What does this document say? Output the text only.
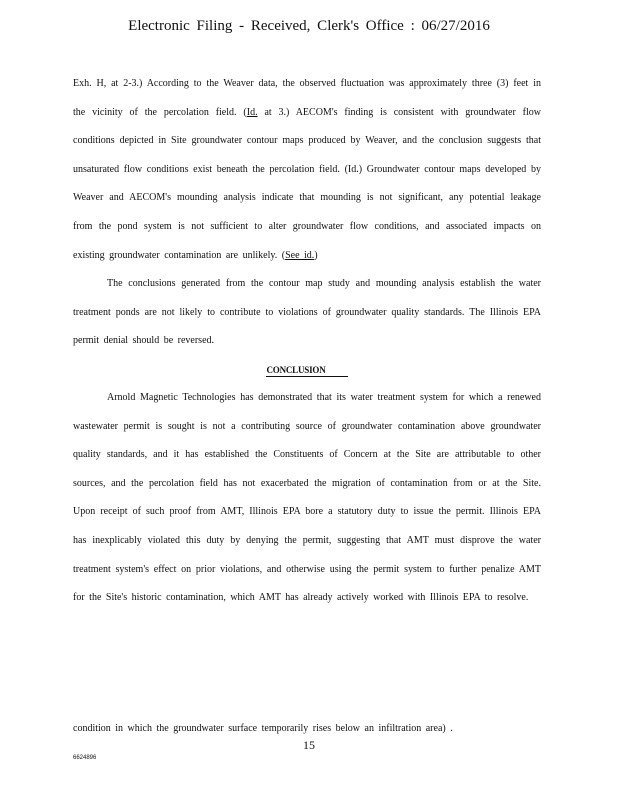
Electronic Filing - Received, Clerk's Office : 06/27/2016

Exh. H, at 2-3.) According to the Weaver data, the observed fluctuation was approximately three (3) feet in the vicinity of the percolation field. (Id. at 3.) AECOM's finding is consistent with groundwater flow conditions depicted in Site groundwater contour maps produced by Weaver, and the conclusion suggests that unsaturated flow conditions exist beneath the percolation field. (Id.) Groundwater contour maps developed by Weaver and AECOM's mounding analysis indicate that mounding is not significant, any potential leakage from the pond system is not sufficient to alter groundwater flow conditions, and associated impacts on existing groundwater contamination are unlikely. (See id.)

The conclusions generated from the contour map study and mounding analysis establish the water treatment ponds are not likely to contribute to violations of groundwater quality standards. The Illinois EPA permit denial should be reversed.

CONCLUSION

Arnold Magnetic Technologies has demonstrated that its water treatment system for which a renewed wastewater permit is sought is not a contributing source of groundwater contamination above groundwater quality standards, and it has established the Constituents of Concern at the Site are attributable to other sources, and the percolation field has not exacerbated the migration of contamination from or at the Site. Upon receipt of such proof from AMT, Illinois EPA bore a statutory duty to issue the permit. Illinois EPA has inexplicably violated this duty by denying the permit, suggesting that AMT must disprove the water treatment system's effect on prior violations, and otherwise using the permit system to further penalize AMT for the Site's historic contamination, which AMT has already actively worked with Illinois EPA to resolve.

condition in which the groundwater surface temporarily rises below an infiltration area) .
15
6624896
